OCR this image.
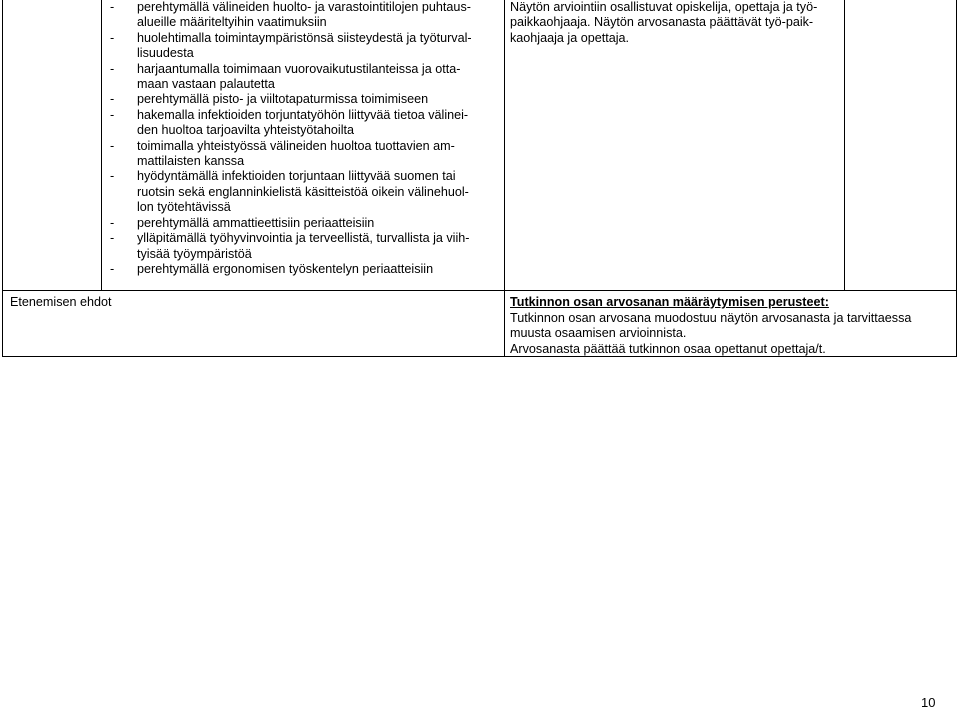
- perehtymällä välineiden huolto- ja varastointitilojen puhtaus-
alueille määriteltyihin vaatimuksiin
- huolehtimalla toimintaympäristönsä siisteydestä ja työturval-
lisuudesta
- harjaantumalla toimimaan vuorovaikutustilanteissa ja otta-
maan vastaan palautetta
- perehtymällä pisto- ja viiltotapaturmissa toimimiseen
- hakemalla infektioiden torjuntatyöhön liittyvää tietoa välinei-
den huoltoa tarjoavilta yhteistyötahoilta
- toimimalla yhteistyössä välineiden huoltoa tuottavien am-
mattilaisten kanssa
- hyödyntämällä infektioiden torjuntaan liittyvää suomen tai
ruotsin sekä englanninkielistä käsitteistöä oikein välinehuol-
lon työtehtävissä
- perehtymällä ammattieettisiin periaatteisiin
- ylläpitämällä työhyvinvointia ja terveellistä, turvallista ja viih-
tyisää työympäristöä
- perehtymällä ergonomisen työskentelyn periaatteisiin

Näytön arviointiin osallistuvat opiskelija, opettaja ja työ-
paikkaohjaaja. Näytön arvosanasta päättävät työ-paik-
kaohjaaja ja opettaja.

Etenemisen ehdot	Tutkinnon osan arvosanan määräytymisen perusteet:

Tutkinnon osan arvosana muodostuu näytön arvosanasta ja tarvittaessa
muusta osaamisen arvioinnista.

Arvosanasta päättää tutkinnon osaa opettanut opettaja/t.

10
